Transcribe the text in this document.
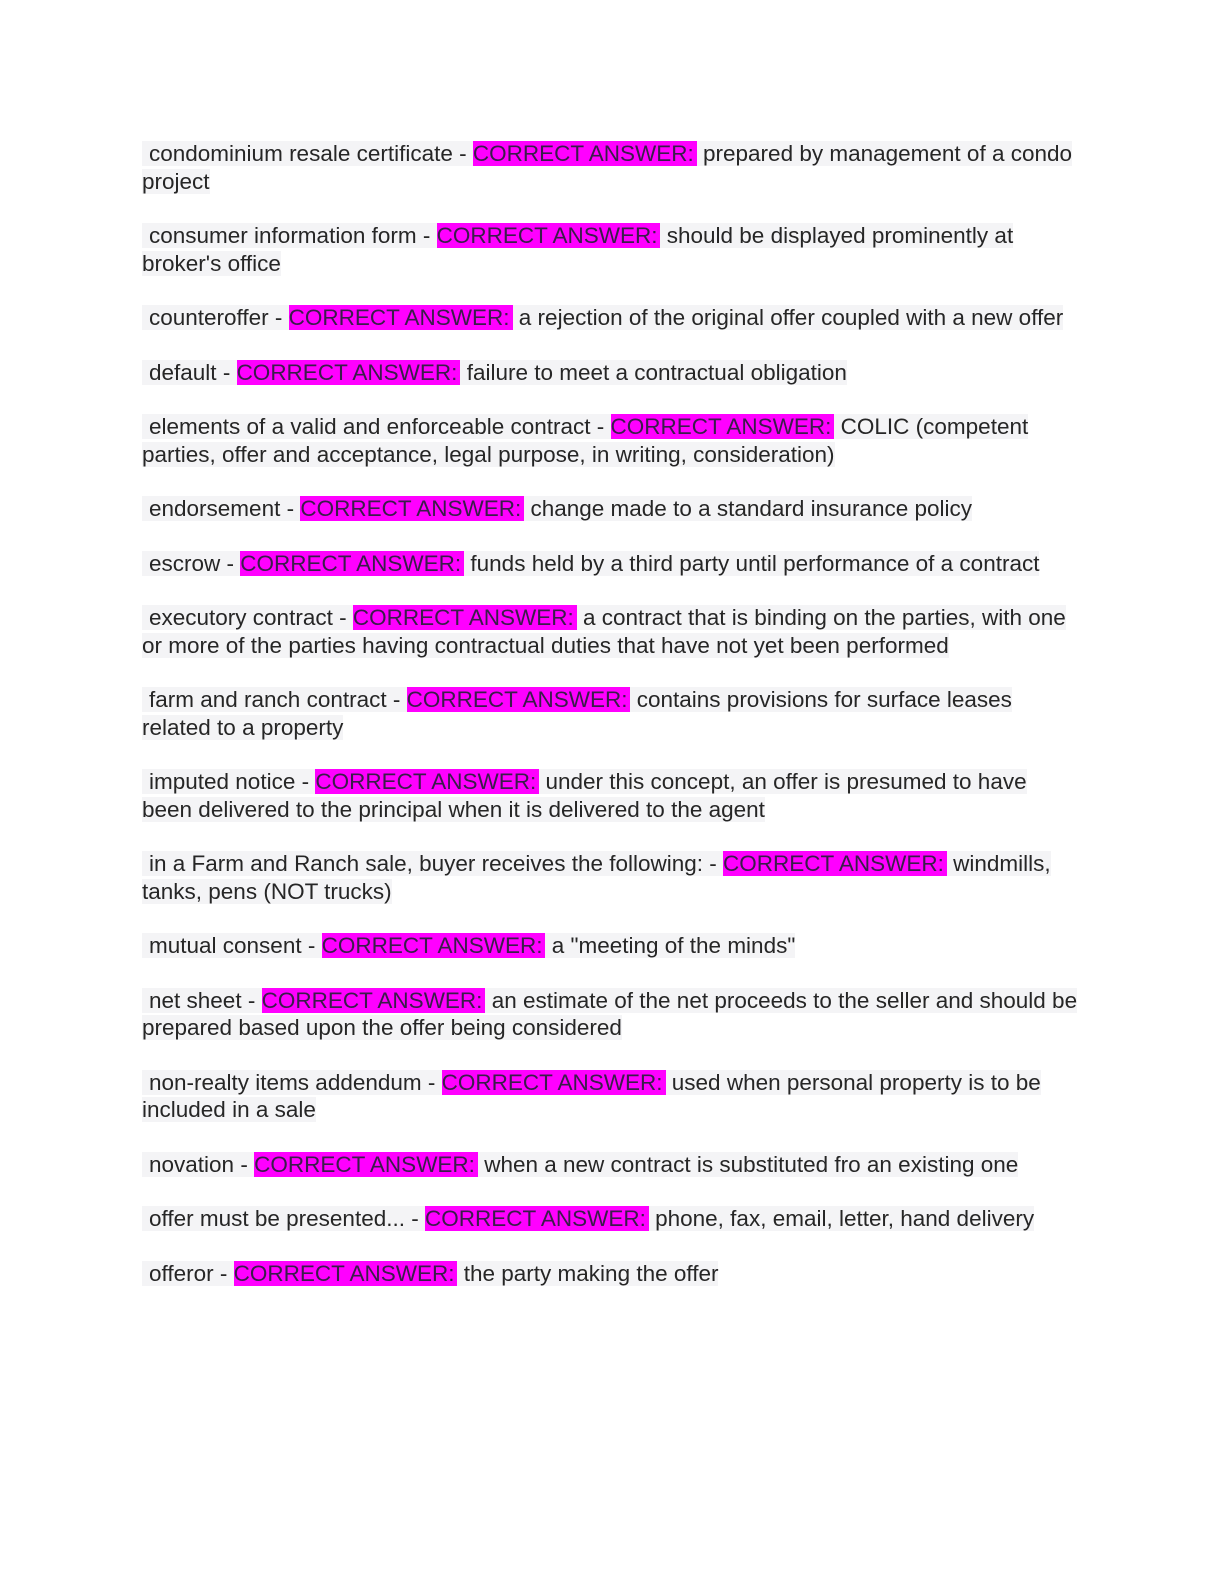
condominium resale certificate - CORRECT ANSWER: prepared by management of a condo project
consumer information form - CORRECT ANSWER: should be displayed prominently at broker's office
counteroffer - CORRECT ANSWER: a rejection of the original offer coupled with a new offer
default - CORRECT ANSWER: failure to meet a contractual obligation
elements of a valid and enforceable contract - CORRECT ANSWER: COLIC (competent parties, offer and acceptance, legal purpose, in writing, consideration)
endorsement - CORRECT ANSWER: change made to a standard insurance policy
escrow - CORRECT ANSWER: funds held by a third party until performance of a contract
executory contract - CORRECT ANSWER: a contract that is binding on the parties, with one or more of the parties having contractual duties that have not yet been performed
farm and ranch contract - CORRECT ANSWER: contains provisions for surface leases related to a property
imputed notice - CORRECT ANSWER: under this concept, an offer is presumed to have been delivered to the principal when it is delivered to the agent
in a Farm and Ranch sale, buyer receives the following: - CORRECT ANSWER: windmills, tanks, pens (NOT trucks)
mutual consent - CORRECT ANSWER: a "meeting of the minds"
net sheet - CORRECT ANSWER: an estimate of the net proceeds to the seller and should be prepared based upon the offer being considered
non-realty items addendum - CORRECT ANSWER: used when personal property is to be included in a sale
novation - CORRECT ANSWER: when a new contract is substituted fro an existing one
offer must be presented... - CORRECT ANSWER: phone, fax, email, letter, hand delivery
offeror - CORRECT ANSWER: the party making the offer
